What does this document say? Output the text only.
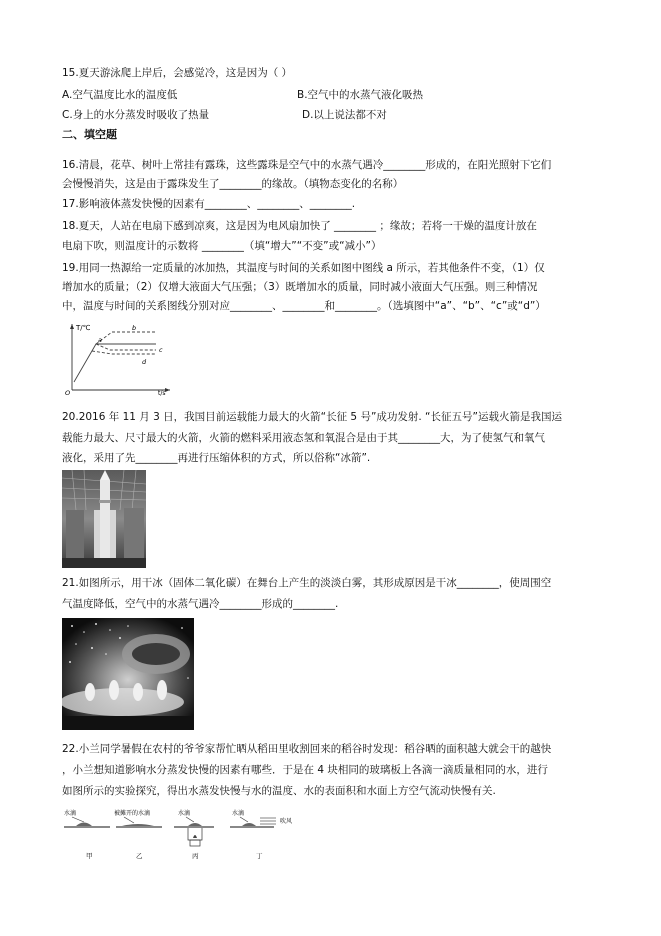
15.夏天游泳爬上岸后，会感觉冷，这是因为（ ）
A.空气温度比水的温度低	B.空气中的水蒸气液化吸热
C.身上的水分蒸发时吸收了热量	D.以上说法都不对
二、填空题
16.清晨，花草、树叶上常挂有露珠，这些露珠是空气中的水蒸气遇冷________形成的，在阳光照射下它们
会慢慢消失，这是由于露珠发生了________的缘故。（填物态变化的名称）
17.影响液体蒸发快慢的因素有________、________、________.
18.夏天，人站在电扇下感到凉爽，这是因为电风扇加快了 ________ ；缘故；若将一干燥的温度计放在
电扇下吹，则温度计的示数将 ________（填“增大”“不变”或“减小”）
19.用同一热源给一定质量的冰加热，其温度与时间的关系如图中图线 a 所示，若其他条件不变，（1）仅
增加水的质量；（2）仅增大液面大气压强；（3）既增加水的质量，同时减小液面大气压强。则三种情况
中，温度与时间的关系图线分别对应________、________和________。（选填图中“a”、“b”、“c”或“d”）
T/℃
t/s
O
a
b
c
d
20.2016 年 11 月 3 日，我国目前运载能力最大的火箭“长征 5 号”成功发射. “长征五号”运载火箭是我国运
载能力最大、尺寸最大的火箭，火箭的燃料采用液态氢和氧混合是由于其________大，为了使氢气和氧气
液化，采用了先________再进行压缩体积的方式，所以俗称“冰箭”.
21.如图所示，用干冰（固体二氧化碳）在舞台上产生的淡淡白雾，其形成原因是干冰________，使周围空
气温度降低，空气中的水蒸气遇冷________形成的________.
22.小兰同学暑假在农村的爷爷家帮忙晒从稻田里收割回来的稻谷时发现：稻谷晒的面积越大就会干的越快
，小兰想知道影响水分蒸发快慢的因素有哪些．于是在 4 块相同的玻璃板上各滴一滴质量相同的水，进行
如图所示的实验探究，得出水蒸发快慢与水的温度、水的表面积和水面上方空气流动快慢有关.
水滴
甲
被摊开的水滴
乙
水滴
丙
水滴
吹风
丁
